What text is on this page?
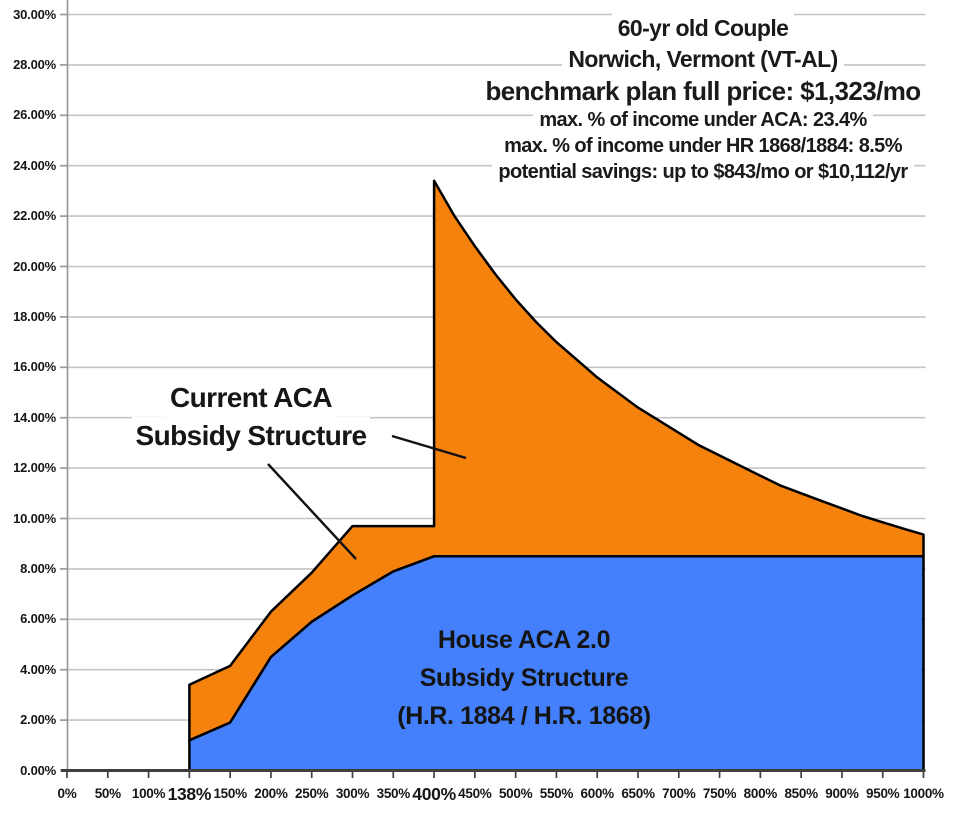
0.00%
2.00%
4.00%
6.00%
8.00%
10.00%
12.00%
14.00%
16.00%
18.00%
20.00%
22.00%
24.00%
26.00%
28.00%
30.00%
0%	50% 100% 138% 150% 200% 250% 300% 350% 400% 450% 500% 550% 600% 650% 700% 750% 800% 850% 900% 950% 1000%
60-yr old Couple
Norwich, Vermont (VT-AL)
benchmark plan full price: $1,323/mo
max. % of income under ACA: 23.4%
max. % of income under HR 1868/1884: 8.5%
potential savings: up to $843/mo or $10,112/yr
Current ACA
Subsidy Structure
House ACA 2.0
Subsidy Structure
(H.R. 1884 / H.R. 1868)
